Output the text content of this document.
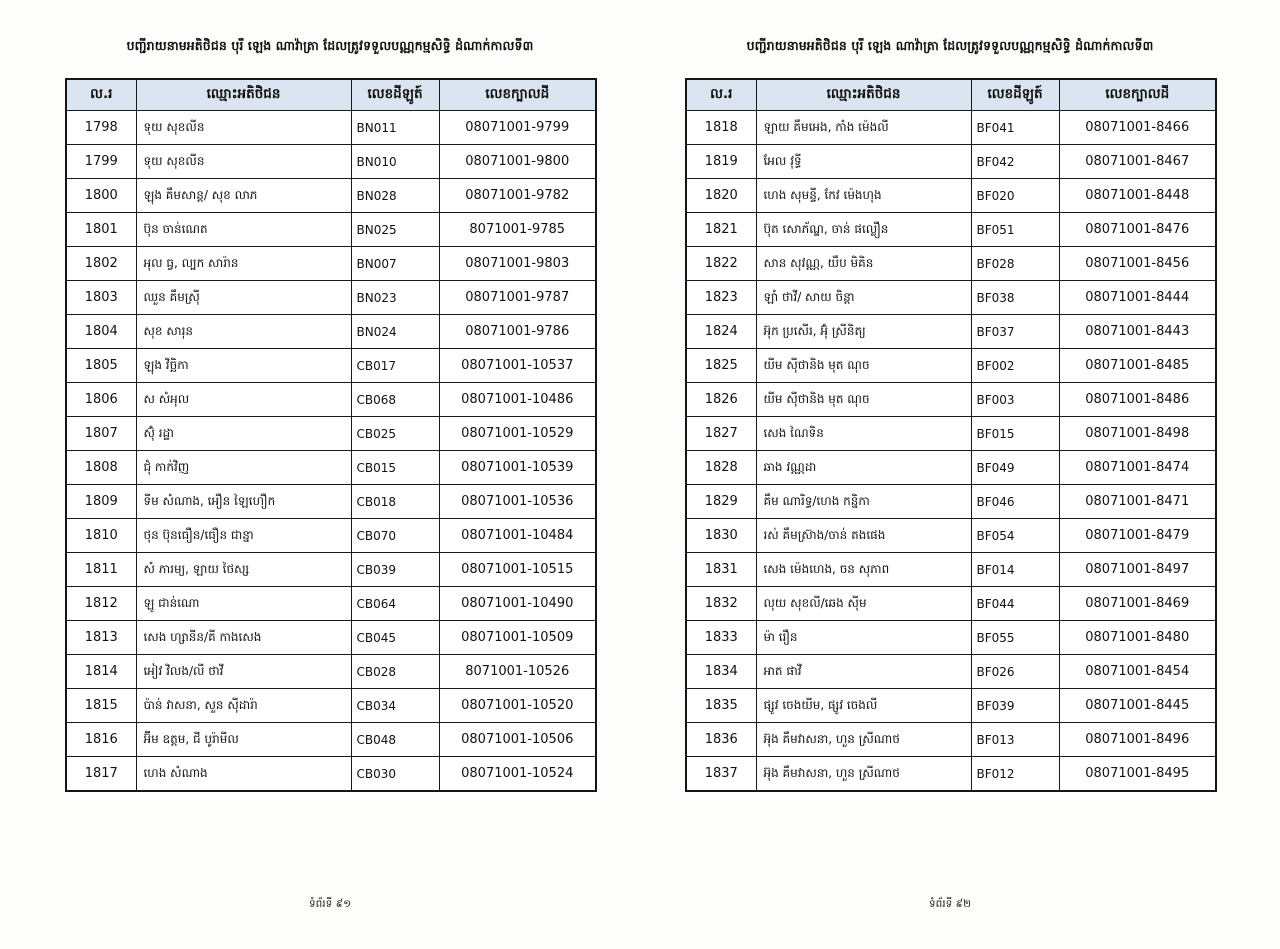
បញ្ជីរាយនាមអតិថិជន បុរី ឡេង ណាវ៉ាត្រា ដែលត្រូវទទួលបណ្ណកម្មសិទ្ធិ ដំណាក់កាលទី៣
ល.រ	ឈ្មោះអតិថិជន	លេខដីឡូត៍	លេខក្បាលដី
1798	ទុយ សុខលីន	BN011	08071001-9799
1799	ទុយ សុខលីន	BN010	08071001-9800
1800	ឡុង គឹមសាន្ត/ សុខ លាភ	BN028	08071001-9782
1801	ប៊ុន ចាន់ណេត	BN025	8071001-9785
1802	អុល ធ្វ, ល្បក សារ៉ាន	BN007	08071001-9803
1803	ឈួន គឹមស្រ៊ី	BN023	08071001-9787
1804	សុខ សារុន	BN024	08071001-9786
1805	ឡុង វិច្ឆិកា	CB017	08071001-10537
1806	ស សំអុល	CB068	08071001-10486
1807	ស៊ុំ រដ្ឋា	CB025	08071001-10529
1808	ជុំ កាក់វិញ	CB015	08071001-10539
1809	ទីម សំណាង, អឿន ឡៃហឿក	CB018	08071001-10536
1810	ថុន ប៊ុនធឿន/ធឿន ជាន្នា	CB070	08071001-10484
1811	សំ ភារម្យ, ឡាយ ថៃស្ស	CB039	08071001-10515
1812	ឡូ ជាន់ណោ	CB064	08071001-10490
1813	សេង ហ្សានីន/គី កាងសេង	CB045	08071001-10509
1814	អៀវ វិលង/លី ថាវី	CB028	8071001-10526
1815	ប៉ាន់ វាសនា, សួន ស៊ីដារ៉ា	CB034	08071001-10520
1816	អ៊ីម ឧត្តម, ជី បូរ៉ាមីល	CB048	08071001-10506
1817	ហេង សំណាង	CB030	08071001-10524
ទំព័រទី ៩១
បញ្ជីរាយនាមអតិថិជន បុរី ឡេង ណាវ៉ាត្រា ដែលត្រូវទទួលបណ្ណកម្មសិទ្ធិ ដំណាក់កាលទី៣
ល.រ	ឈ្មោះអតិថិជន	លេខដីឡូត៍	លេខក្បាលដី
1818	ឡាយ គឹមអេង, កាំង ម៉េងលី	BF041	08071001-8466
1819	អែល វុទ្ធី	BF042	08071001-8467
1820	ហេង សុមន្ទី, កែវ ម៉េងហុង	BF020	08071001-8448
1821	ប៊ុត សោភ័ណ្ឌ, ចាន់ ផល្លឿន	BF051	08071001-8476
1822	សាន សុវណ្ណ, យឹប មិគិន	BF028	08071001-8456
1823	ឡាំ ថាវី/ សាយ ចិន្តា	BF038	08071001-8444
1824	អ៊ុក ប្រសើរ, អ៊ុំ ស្រីនិត្យ	BF037	08071001-8443
1825	យីម ស៊ីថានិង មុត ណុច	BF002	08071001-8485
1826	យីម ស៊ីថានិង មុត ណុច	BF003	08071001-8486
1827	សេង ណៃទិន	BF015	08071001-8498
1828	ឆាង វណ្ណដា	BF049	08071001-8474
1829	គឹម ណារិទ្ធ/ហេង កន្និកា	BF046	08071001-8471
1830	រស់ គឹមស្រ៊ាង/ចាន់ តងផេង	BF054	08071001-8479
1831	សេង ម៉េងហេង, ចន សុភាព	BF014	08071001-8497
1832	លុយ សុខលី/ឆេង ស៊ីម	BF044	08071001-8469
1833	ម៉ា រឿន	BF055	08071001-8480
1834	អាត ផាវី	BF026	08071001-8454
1835	ផ្សូវ ចេងយីម, ផ្សូវ ចេងលី	BF039	08071001-8445
1836	អ៊ុង គឹមវាសនា, ហួន ស្រីណាថ	BF013	08071001-8496
1837	អ៊ុង គឹមវាសនា, ហួន ស្រីណាថ	BF012	08071001-8495
ទំព័រទី ៩២
